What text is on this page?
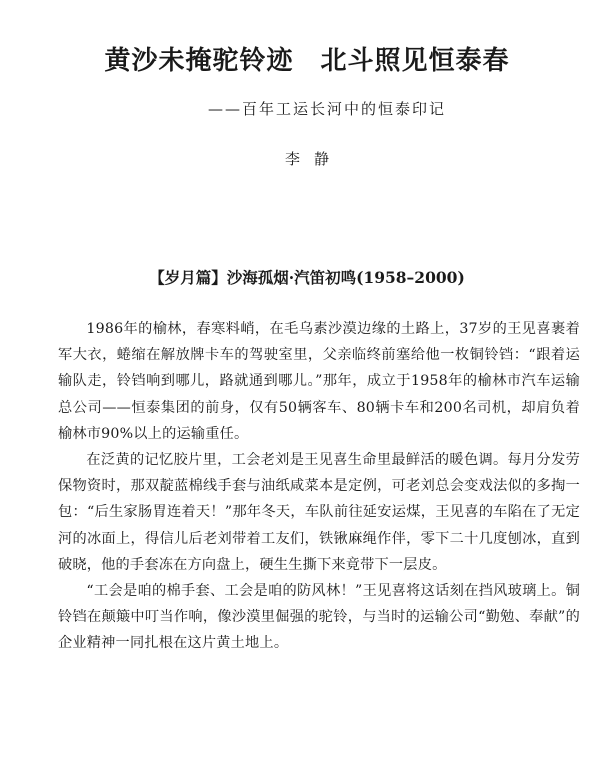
黄沙未掩驼铃迹　北斗照见恒泰春

——百年工运长河中的恒泰印记

李静

【岁月篇】沙海孤烟·汽笛初鸣(1958–2000)

1986年的榆林，春寒料峭，在毛乌素沙漠边缘的土路上，37岁的王见喜裹着军大衣，蜷缩在解放牌卡车的驾驶室里，父亲临终前塞给他一枚铜铃铛：“跟着运输队走，铃铛响到哪儿，路就通到哪儿。”那年，成立于1958年的榆林市汽车运输总公司——恒泰集团的前身，仅有50辆客车、80辆卡车和200名司机，却肩负着榆林市90%以上的运输重任。

在泛黄的记忆胶片里，工会老刘是王见喜生命里最鲜活的暖色调。每月分发劳保物资时，那双靛蓝棉线手套与油纸咸菜本是定例，可老刘总会变戏法似的多掏一包：“后生家肠胃连着天！”那年冬天，车队前往延安运煤，王见喜的车陷在了无定河的冰面上，得信儿后老刘带着工友们，铁锹麻绳作伴，零下二十几度刨冰，直到破晓，他的手套冻在方向盘上，硬生生撕下来竟带下一层皮。

“工会是咱的棉手套、工会是咱的防风林！”王见喜将这话刻在挡风玻璃上。铜铃铛在颠簸中叮当作响，像沙漠里倔强的驼铃，与当时的运输公司“勤勉、奉献”的企业精神一同扎根在这片黄土地上。
